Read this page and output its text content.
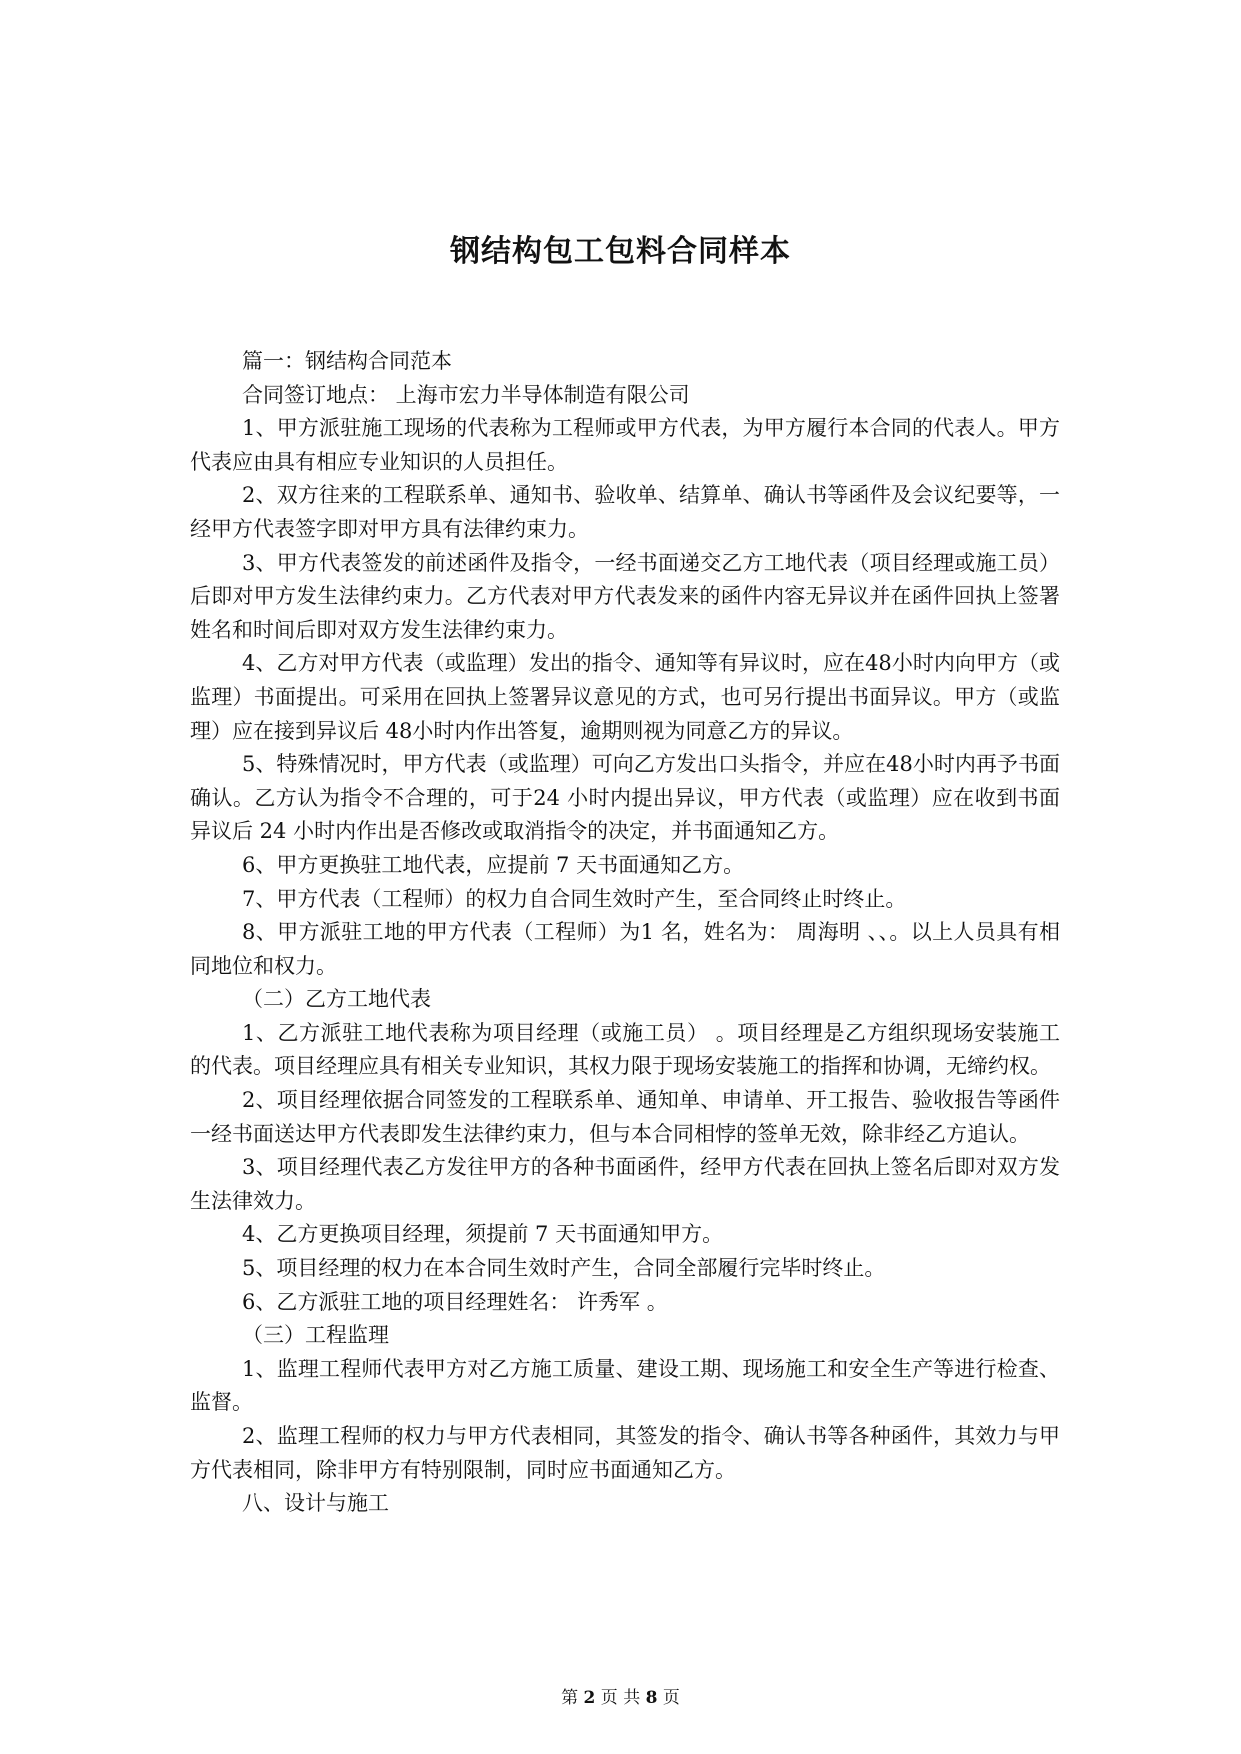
钢结构包工包料合同样本

篇一：钢结构合同范本

合同签订地点： 上海市宏力半导体制造有限公司

1、甲方派驻施工现场的代表称为工程师或甲方代表，为甲方履行本合同的代表人。甲方代表应由具有相应专业知识的人员担任。

2、双方往来的工程联系单、通知书、验收单、结算单、确认书等函件及会议纪要等，一经甲方代表签字即对甲方具有法律约束力。

3、甲方代表签发的前述函件及指令，一经书面递交乙方工地代表（项目经理或施工员）后即对甲方发生法律约束力。乙方代表对甲方代表发来的函件内容无异议并在函件回执上签署姓名和时间后即对双方发生法律约束力。

4、乙方对甲方代表（或监理）发出的指令、通知等有异议时，应在48小时内向甲方（或监理）书面提出。可采用在回执上签署异议意见的方式，也可另行提出书面异议。甲方（或监理）应在接到异议后 48小时内作出答复，逾期则视为同意乙方的异议。

5、特殊情况时，甲方代表（或监理）可向乙方发出口头指令，并应在48小时内再予书面确认。乙方认为指令不合理的，可于24 小时内提出异议，甲方代表（或监理）应在收到书面异议后 24 小时内作出是否修改或取消指令的决定，并书面通知乙方。

6、甲方更换驻工地代表，应提前 7 天书面通知乙方。

7、甲方代表（工程师）的权力自合同生效时产生，至合同终止时终止。

8、甲方派驻工地的甲方代表（工程师）为1 名，姓名为： 周海明 、、。以上人员具有相同地位和权力。

（二）乙方工地代表

1、乙方派驻工地代表称为项目经理（或施工员） 。项目经理是乙方组织现场安装施工的代表。项目经理应具有相关专业知识，其权力限于现场安装施工的指挥和协调，无缔约权。

2、项目经理依据合同签发的工程联系单、通知单、申请单、开工报告、验收报告等函件一经书面送达甲方代表即发生法律约束力，但与本合同相悖的签单无效，除非经乙方追认。

3、项目经理代表乙方发往甲方的各种书面函件，经甲方代表在回执上签名后即对双方发生法律效力。

4、乙方更换项目经理，须提前 7 天书面通知甲方。

5、项目经理的权力在本合同生效时产生，合同全部履行完毕时终止。

6、乙方派驻工地的项目经理姓名： 许秀军 。

（三）工程监理

1、监理工程师代表甲方对乙方施工质量、建设工期、现场施工和安全生产等进行检查、监督。

2、监理工程师的权力与甲方代表相同，其签发的指令、确认书等各种函件，其效力与甲方代表相同，除非甲方有特别限制，同时应书面通知乙方。

八、设计与施工

第 2 页 共 8 页
